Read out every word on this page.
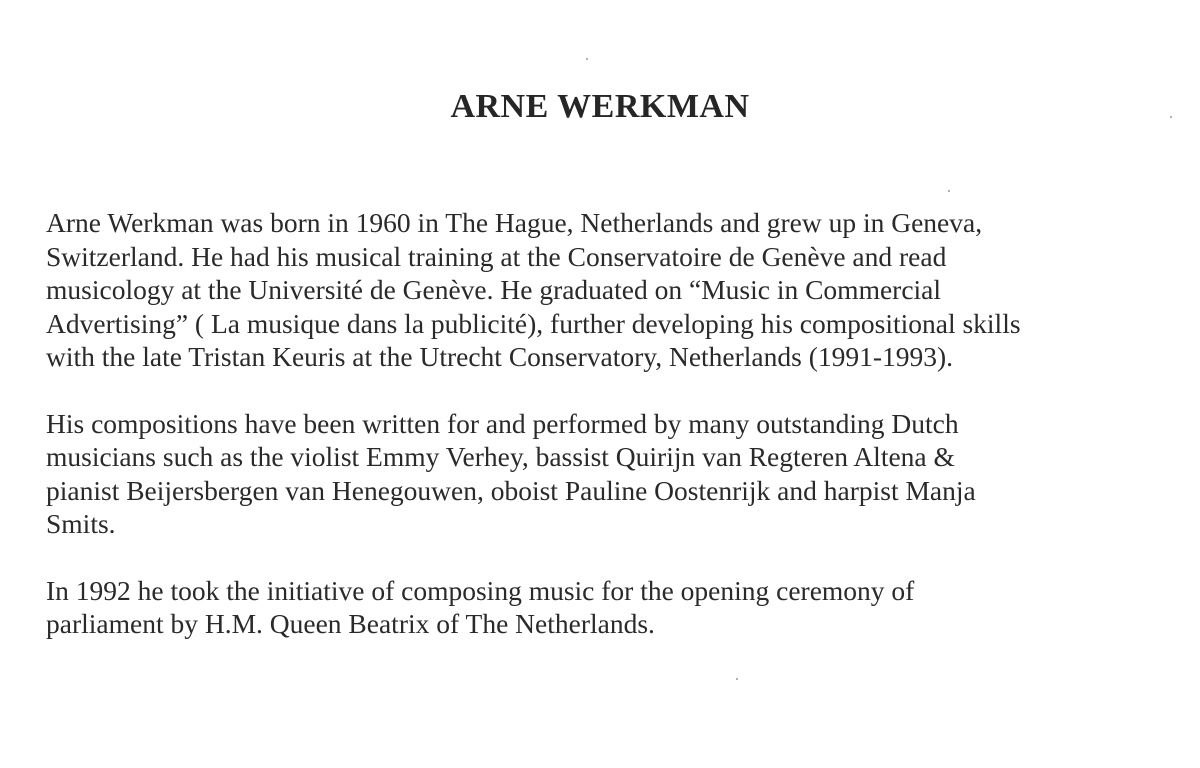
ARNE WERKMAN

Arne Werkman was born in 1960 in The Hague, Netherlands and grew up in Geneva,
Switzerland. He had his musical training at the Conservatoire de Genève and read
musicology at the Université de Genève. He graduated on “Music in Commercial
Advertising” ( La musique dans la publicité), further developing his compositional skills
with the late Tristan Keuris at the Utrecht Conservatory, Netherlands (1991-1993).

His compositions have been written for and performed by many outstanding Dutch
musicians such as the violist Emmy Verhey, bassist Quirijn van Regteren Altena &
pianist Beijersbergen van Henegouwen, oboist Pauline Oostenrijk and harpist Manja
Smits.

In 1992 he took the initiative of composing music for the opening ceremony of
parliament by H.M. Queen Beatrix of The Netherlands.
